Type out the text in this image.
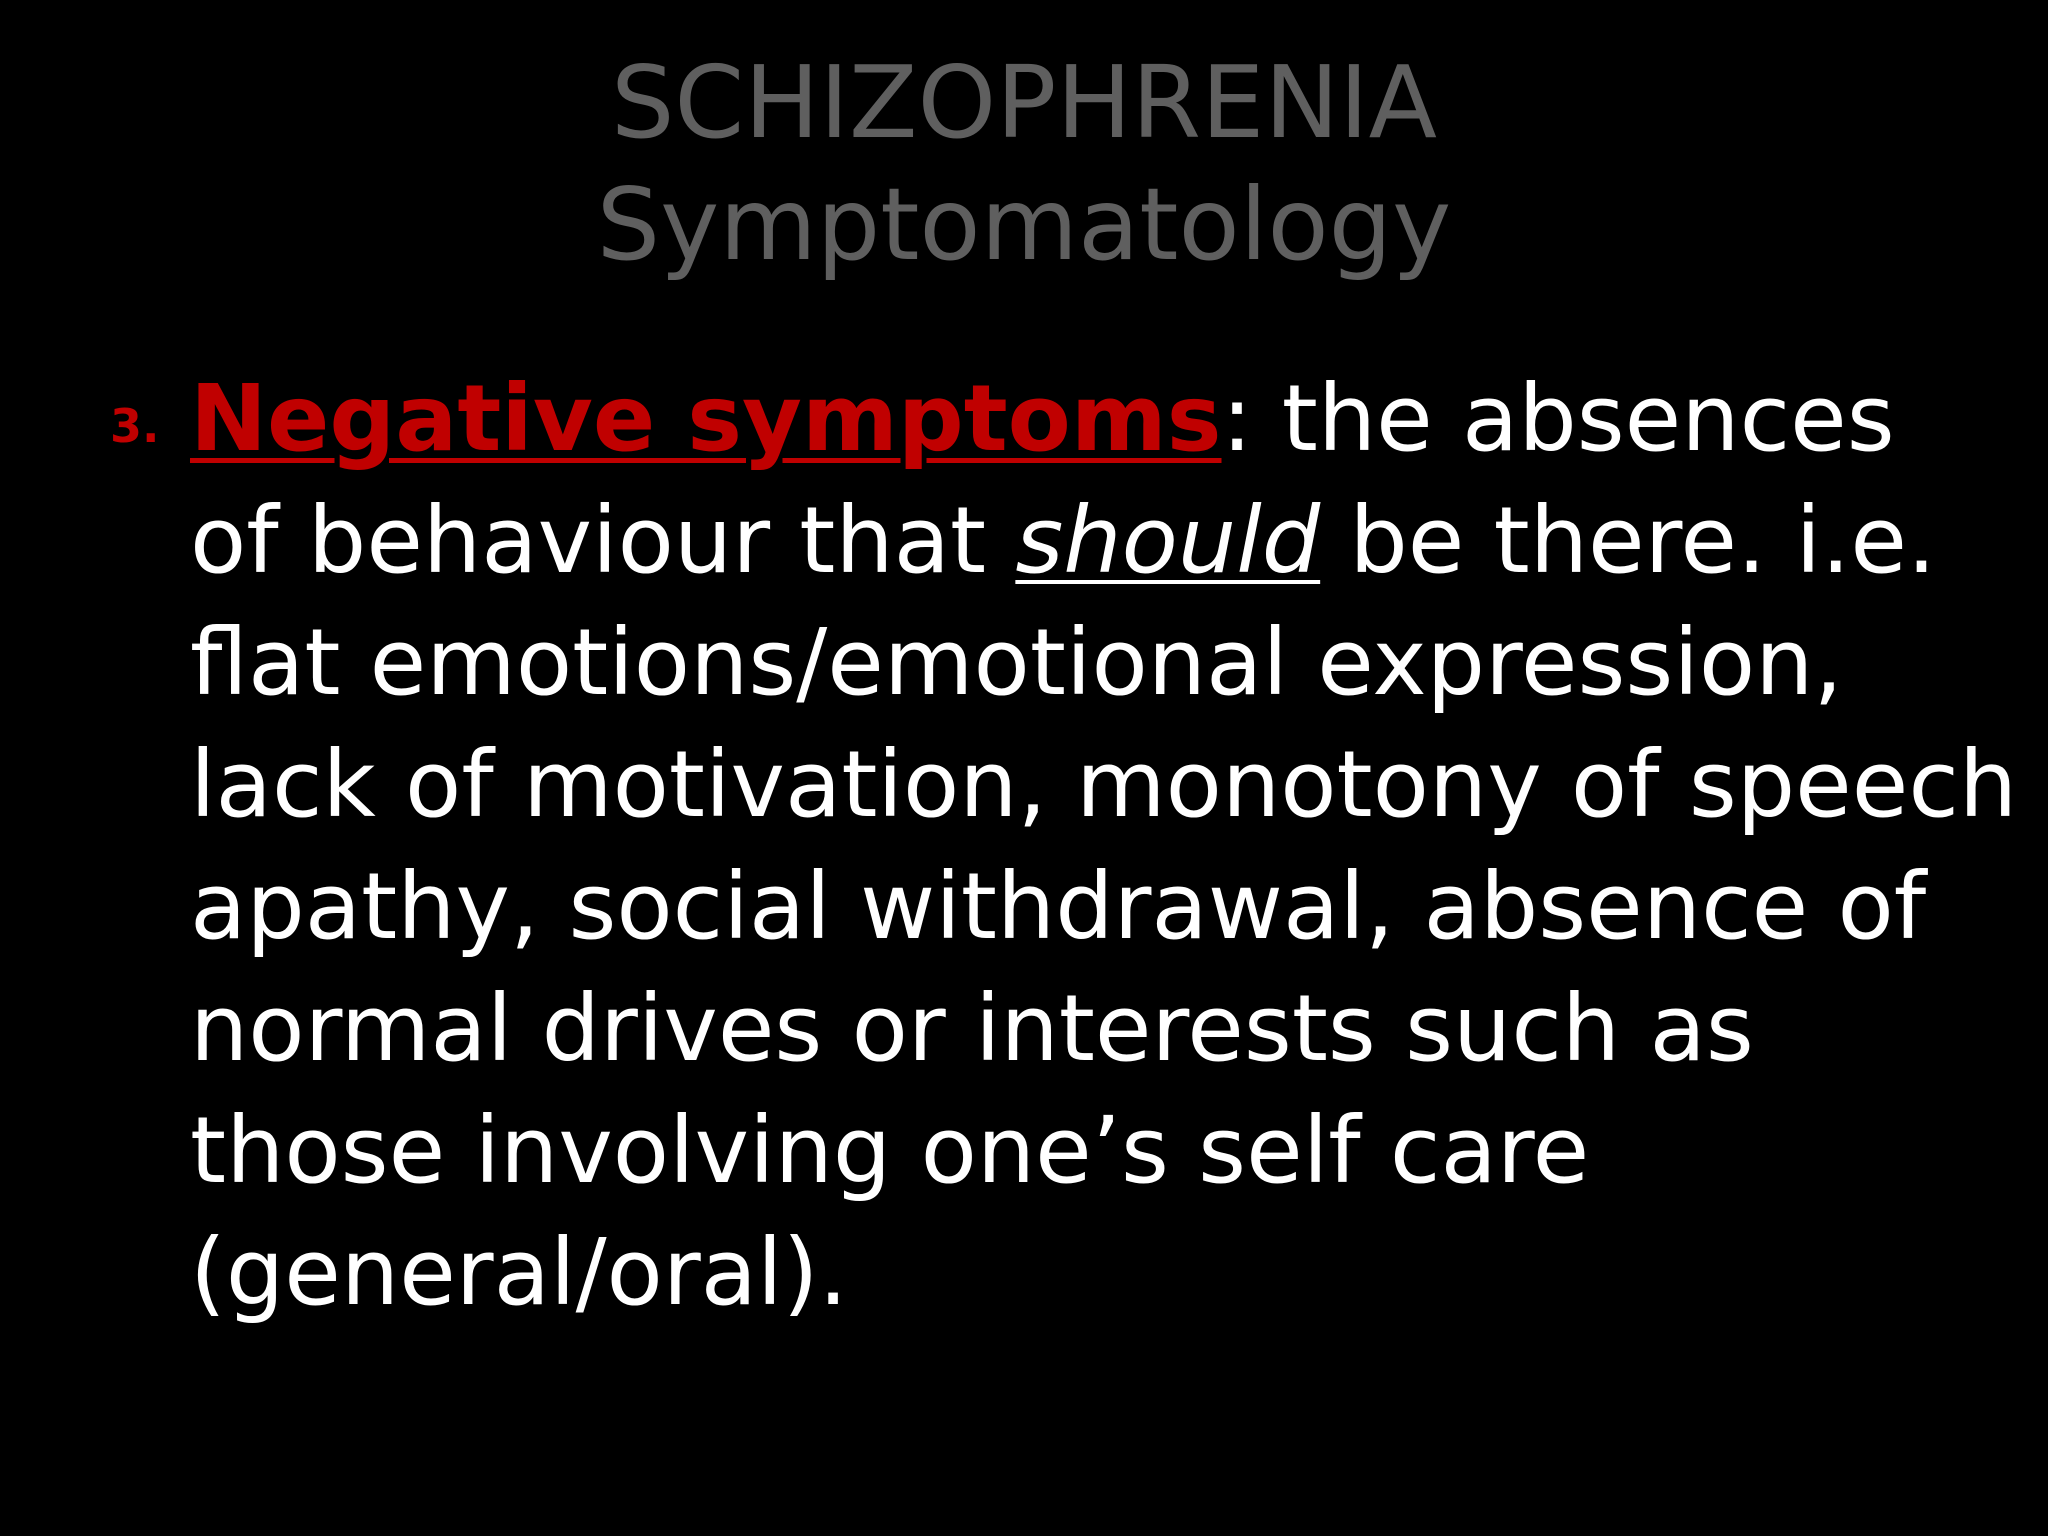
SCHIZOPHRENIA
Symptomatology
3. Negative symptoms: the absences
of behaviour that should be there. i.e.
flat emotions/emotional expression,
lack of motivation, monotony of speech
apathy, social withdrawal, absence of
normal drives or interests such as
those involving one’s self care
(general/oral).
